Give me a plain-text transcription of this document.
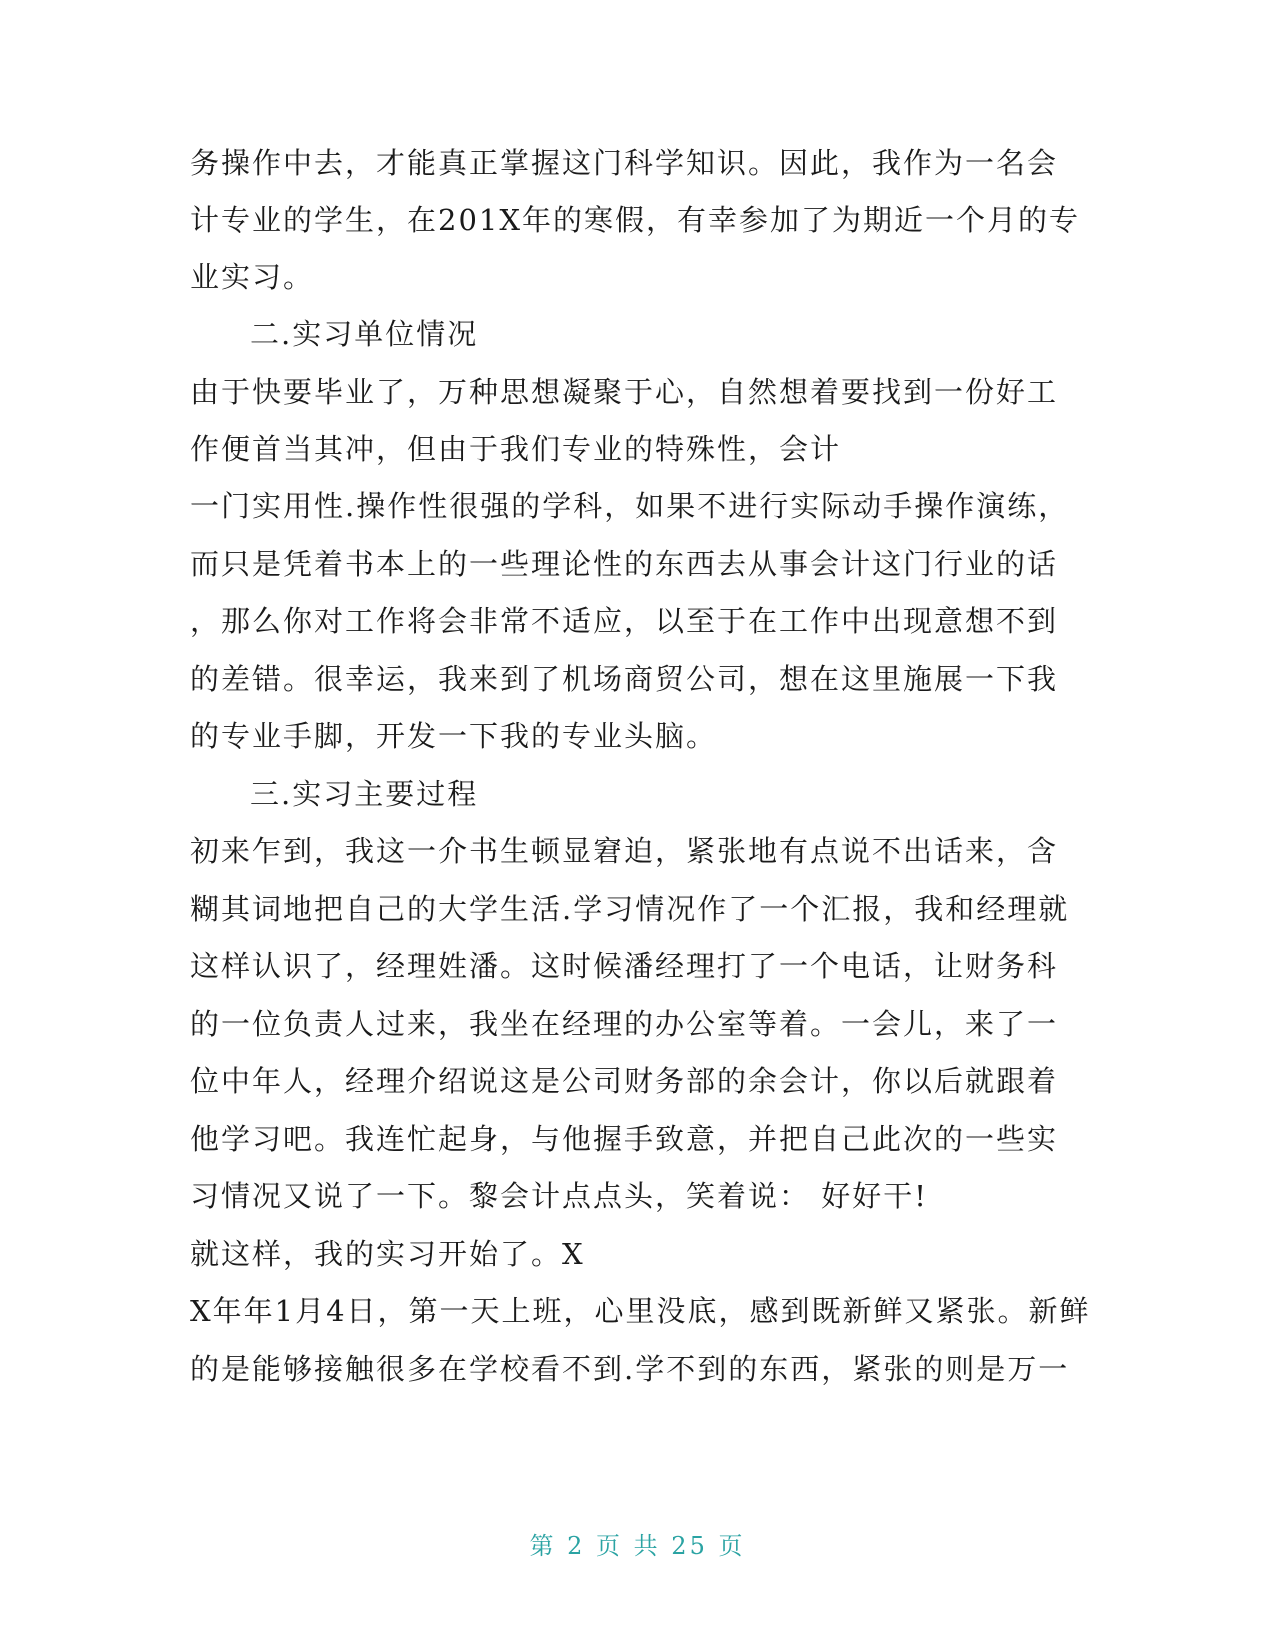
务操作中去，才能真正掌握这门科学知识。因此，我作为一名会
计专业的学生，在201X年的寒假，有幸参加了为期近一个月的专
业实习。
二.实习单位情况
由于快要毕业了，万种思想凝聚于心，自然想着要找到一份好工
作便首当其冲，但由于我们专业的特殊性，会计
一门实用性.操作性很强的学科，如果不进行实际动手操作演练，
而只是凭着书本上的一些理论性的东西去从事会计这门行业的话
，那么你对工作将会非常不适应，以至于在工作中出现意想不到
的差错。很幸运，我来到了机场商贸公司，想在这里施展一下我
的专业手脚，开发一下我的专业头脑。
三.实习主要过程
初来乍到，我这一介书生顿显窘迫，紧张地有点说不出话来，含
糊其词地把自己的大学生活.学习情况作了一个汇报，我和经理就
这样认识了，经理姓潘。这时候潘经理打了一个电话，让财务科
的一位负责人过来，我坐在经理的办公室等着。一会儿，来了一
位中年人，经理介绍说这是公司财务部的余会计，你以后就跟着
他学习吧。我连忙起身，与他握手致意，并把自己此次的一些实
习情况又说了一下。黎会计点点头，笑着说： 好好干!
就这样，我的实习开始了。X
X年年1月4日，第一天上班，心里没底，感到既新鲜又紧张。新鲜
的是能够接触很多在学校看不到.学不到的东西，紧张的则是万一
第 2 页 共 25 页
